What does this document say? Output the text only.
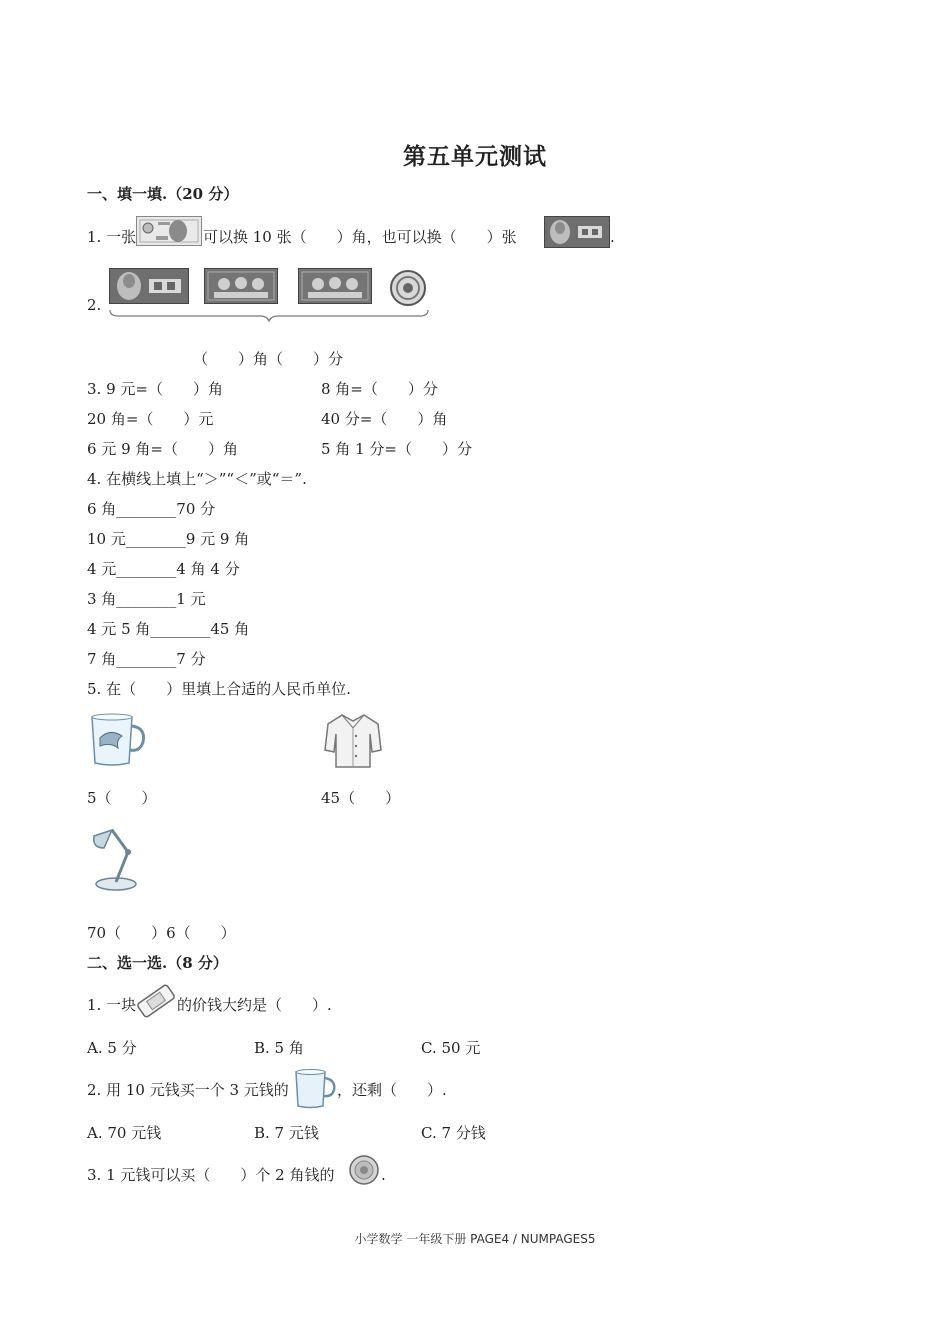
第五单元测试
一、填一填.（20 分）
1. 一张	可以换 10 张（　　）角，也可以换（　　）张	.
2.
（　　）角（　　）分
3. 9 元=（　　）角	8 角=（　　）分
20 角=（　　）元	40 分=（　　）角
6 元 9 角=（　　）角	5 角 1 分=（　　）分
4. 在横线上填上“＞”“＜”或“＝”.
6 角________70 分
10 元________9 元 9 角
4 元________4 角 4 分
3 角________1 元
4 元 5 角________45 角
7 角________7 分
5. 在（　　）里填上合适的人民币单位.
5（　　）	45（　　）
70（　　）6（　　）
二、选一选.（8 分）
1. 一块	的价钱大约是（　　）.
A. 5 分	B. 5 角	C. 50 元
2. 用 10 元钱买一个 3 元钱的	，还剩（　　）.
A. 70 元钱	B. 7 元钱	C. 7 分钱
3. 1 元钱可以买（　　）个 2 角钱的	.
小学数学 一年级下册 PAGE4 / NUMPAGES5
